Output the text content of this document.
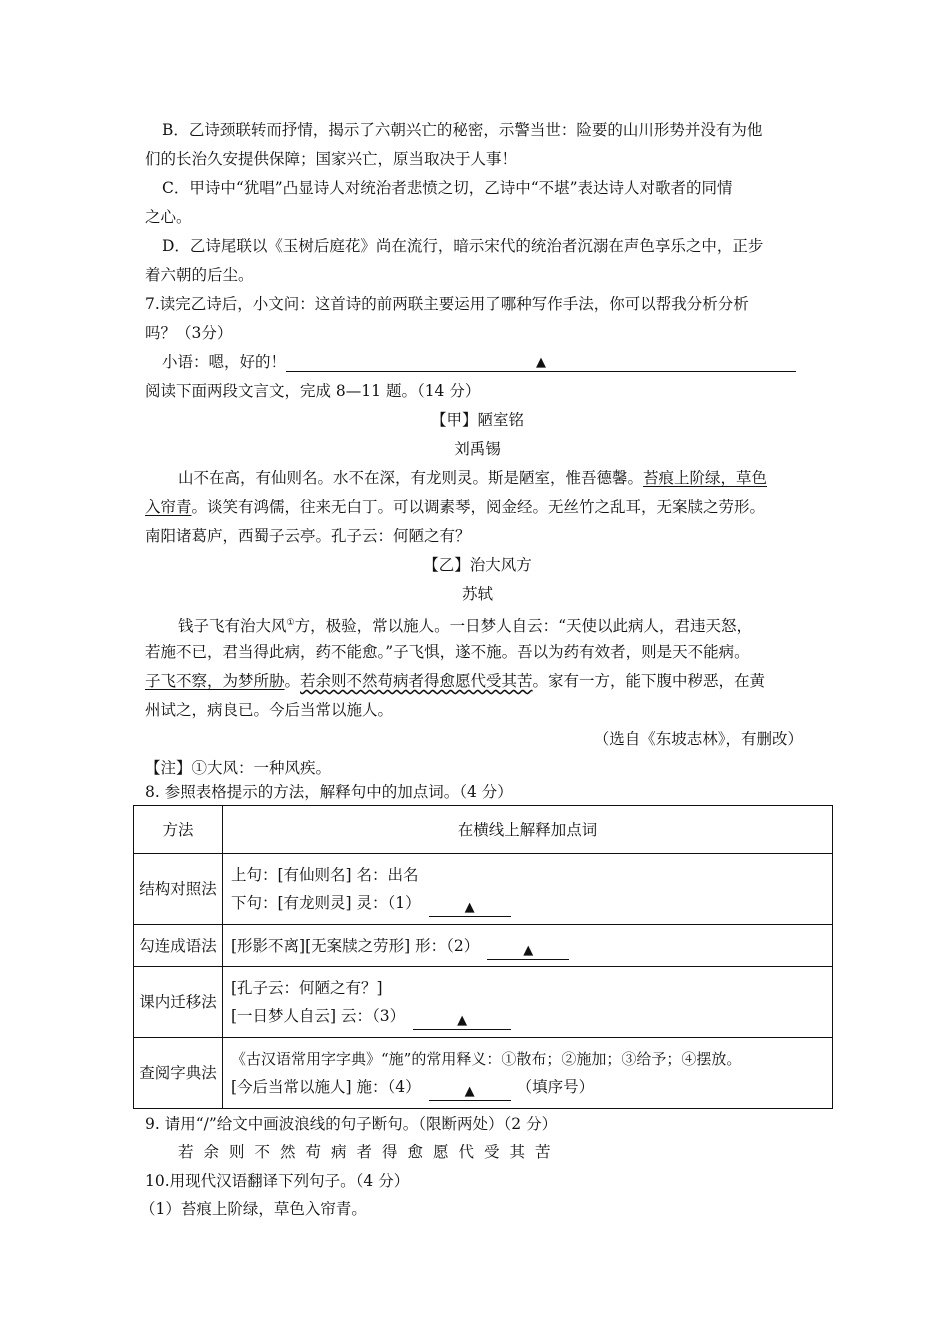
B．乙诗颈联转而抒情，揭示了六朝兴亡的秘密，示警当世：险要的山川形势并没有为他
们的长治久安提供保障；国家兴亡，原当取决于人事！
C．甲诗中“犹唱”凸显诗人对统治者悲愤之切，乙诗中“不堪”表达诗人对歌者的同情
之心。
D．乙诗尾联以《玉树后庭花》尚在流行，暗示宋代的统治者沉溺在声色享乐之中，正步
着六朝的后尘。
7.读完乙诗后，小文问：这首诗的前两联主要运用了哪种写作手法，你可以帮我分析分析
吗？（3分）
小语：嗯，好的！	▲
阅读下面两段文言文，完成 8—11 题。（14 分）
【甲】陋室铭
刘禹锡
山不在高，有仙则名。水不在深，有龙则灵。斯是陋室，惟吾德馨。苔痕上阶绿，草色
入帘青。谈笑有鸿儒，往来无白丁。可以调素琴，阅金经。无丝竹之乱耳，无案牍之劳形。
南阳诸葛庐，西蜀子云亭。孔子云：何陋之有？
【乙】治大风方
苏轼
钱子飞有治大风①方，极验，常以施人。一日梦人自云：“天使以此病人，君违天怒，
若施不已，君当得此病，药不能愈。”子飞惧，遂不施。吾以为药有效者，则是天不能病。
子飞不察，为梦所胁。若余则不然苟病者得愈愿代受其苦。家有一方，能下腹中秽恶，在黄
州试之，病良已。今后当常以施人。
（选自《东坡志林》，有删改）
【注】①大风：一种风疾。
8. 参照表格提示的方法，解释句中的加点词。（4 分）
方法	在横线上解释加点词
结构对照法	上句：[有仙则名] 名：出名
下句：[有龙则灵] 灵：（1） ▲

勾连成语法	[形影不离][无案牍之劳形] 形：（2） ▲

课内迁移法	[孔子云：何陋之有？]
[一日梦人自云] 云：（3） ▲

查阅字典法	《古汉语常用字字典》“施”的常用释义：①散布；②施加；③给予；④摆放。
[今后当常以施人] 施：（4） ▲ （填序号）
9. 请用“/”给文中画波浪线的句子断句。（限断两处）（2 分）
若余则不然苟病者得愈愿代受其苦
10.用现代汉语翻译下列句子。（4 分）
（1）苔痕上阶绿，草色入帘青。
